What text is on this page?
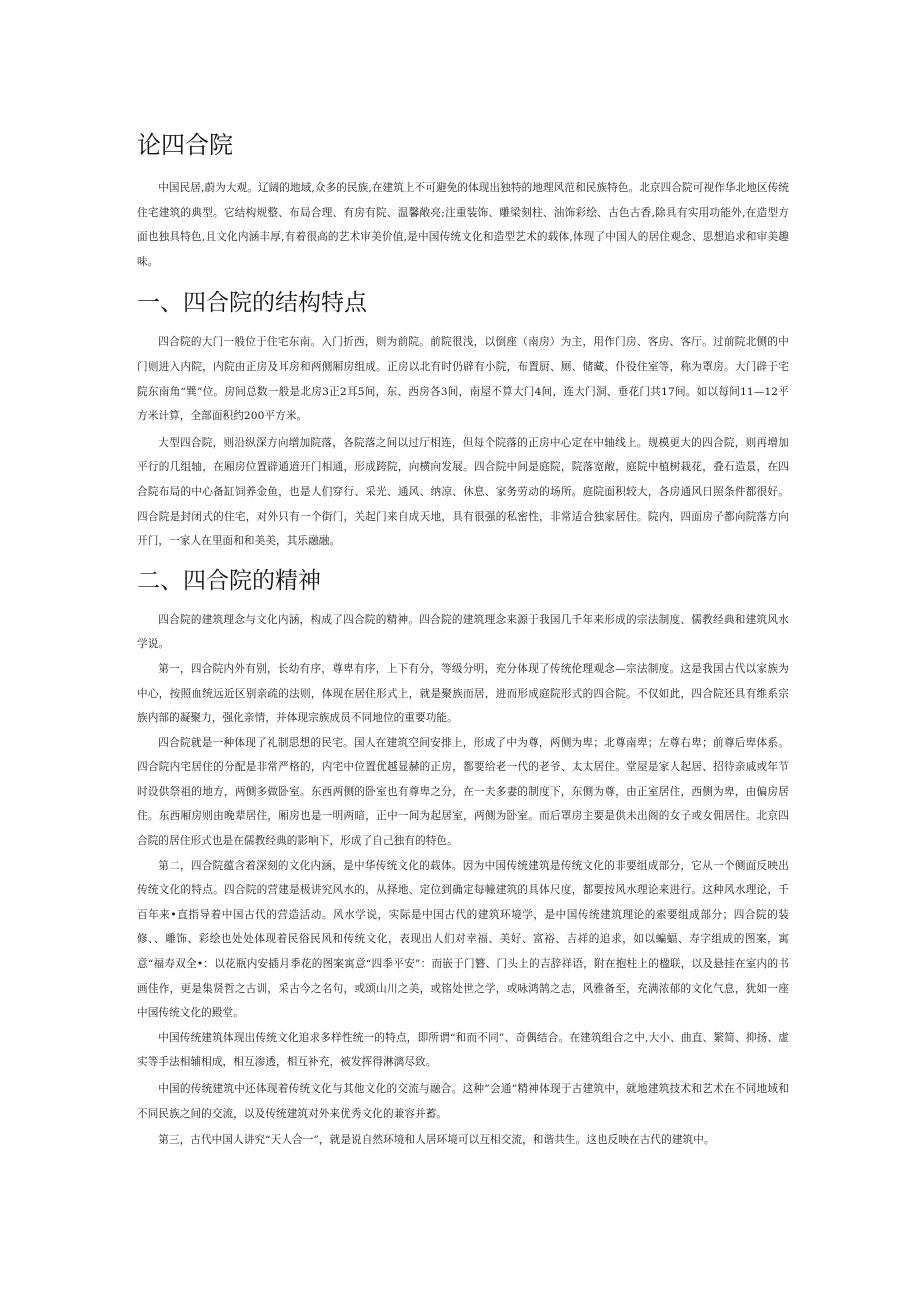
论四合院

中国民居,蔚为大观。辽阔的地域,众多的民族,在建筑上不可避免的体现出独特的地理风范和民族特色。北京四合院可视作华北地区传统住宅建筑的典型。它结构规整、布局合理、有房有院、温馨敞亮;注重装饰、雕梁刻柱、油饰彩绘、古色古香,除具有实用功能外,在造型方面也独具特色,且文化内涵丰厚,有着很高的艺术审美价值,是中国传统文化和造型艺术的载体,体现了中国人的居住观念、思想追求和审美趣味。

一、四合院的结构特点

四合院的大门一般位于住宅东南。入门折西，则为前院。前院很浅，以倒座（南房）为主，用作门房、客房、客厅。过前院北侧的中门则进入内院，内院由正房及耳房和两侧厢房组成。正房以北有时仍辟有小院，布置厨、厕、储藏、仆役住室等，称为罩房。大门辟于宅院东南角“巽”位。房间总数一般是北房3正2耳5间，东、西房各3间，南屋不算大门4间，连大门洞、垂花门共17间。如以每间11—12平方米计算，全部面积约200平方米。

大型四合院，则沿纵深方向增加院落，各院落之间以过厅相连，但每个院落的正房中心定在中轴线上。规模更大的四合院，则再增加平行的几组轴，在厢房位置辟通道开门相通，形成跨院，向横向发展。四合院中间是庭院，院落宽敞，庭院中植树栽花，叠石造景，在四合院布局的中心备缸饲养金鱼，也是人们穿行、采光、通风、纳凉、休息、家务劳动的场所。庭院面积较大，各房通风日照条件都很好。四合院是封闭式的住宅，对外只有一个街门，关起门来自成天地，具有很强的私密性，非常适合独家居住。院内，四面房子都向院落方向开门，一家人在里面和和美美，其乐融融。

二、四合院的精神

四合院的建筑理念与文化内涵，构成了四合院的精神。四合院的建筑理念来源于我国几千年来形成的宗法制度、儒教经典和建筑风水学说。

第一，四合院内外有别，长幼有序，尊卑有序，上下有分，等级分明，充分体现了传统伦理观念—宗法制度。这是我国古代以家族为中心，按照血统远近区别亲疏的法则，体现在居住形式上，就是聚族而居，进而形成庭院形式的四合院。不仅如此，四合院还具有维系宗族内部的凝聚力，强化亲情，并体现宗族成员不同地位的重要功能。

四合院就是一种体现了礼制思想的民宅。国人在建筑空间安排上，形成了中为尊，两侧为卑；北尊南卑；左尊右卑；前尊后卑体系。四合院内宅居住的分配是非常严格的，内宅中位置优越显赫的正房，都要给老一代的老爷、太太居住。堂屋是家人起居、招待亲戚或年节时设供祭祖的地方，两侧多做卧室。东西两侧的卧室也有尊卑之分，在一夫多妻的制度下，东侧为尊，由正室居住，西侧为卑，由偏房居住。东西厢房则由晚辈居住，厢房也是一明两暗，正中一间为起居室，两侧为卧室。而后罩房主要是供未出阁的女子或女佣居住。北京四合院的居住形式也是在儒教经典的影响下，形成了自己独有的特色。

第二，四合院蕴含着深刻的文化内涵，是中华传统文化的载体。因为中国传统建筑是传统文化的非要组成部分，它从一个侧面反映出传统文化的特点。四合院的营建是极讲究风水的，从择地、定位到确定每幢建筑的具体尺度，都要按风水理论来进行。这种风水理论，千百年来•直指导着中国古代的营造活动。风水学说，实际是中国古代的建筑环境学，是中国传统建筑理论的索要组成部分；四合院的装修、、雕饰、彩绘也处处体现着民俗民风和传统文化，表现出人们对幸福、美好、富裕、吉祥的追求，如以蝙蝠、寿字组成的图案，寓意“福寿双全•：以花瓶内安插月季花的图案寓意“四季平安”：而嵌于门簪、门头上的吉辞祥语，附在抱柱上的楹联，以及悬挂在室内的书画佳作，更是集贤哲之古训，采古今之名句，或颂山川之美，或铭处世之学，或咏鸿鹄之志，风雅备至，充满浓郁的文化气息，犹如一座中国传统文化的殿堂。

中国传统建筑体现出传统文化追求多样性统一的特点，即所谓“和而不同”、奇偶结合。在建筑组合之中,大小、曲直、繁简、抑扬、虚实等手法相辅相成，相互渗透，相互补充，被发挥得淋漓尽致。

中国的传统建筑中还体现着传统文化与其他文化的交流与融合。这种”会通”精神体现于古建筑中，就地建筑技术和艺术在不同地域和不同民族之间的交流，以及传统建筑对外来优秀文化的兼容并蓄。

第三，古代中国人讲究“天人合一”，就是说自然环境和人居环境可以互相交流，和谐共生。这也反映在古代的建筑中。
